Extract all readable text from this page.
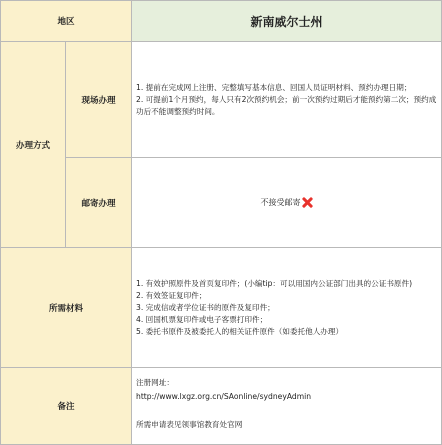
地区	新南威尔士州
办理方式
现场办理

1. 提前在完成网上注册、完整填写基本信息、回国人员证明材料、预约办理日期；

2. 可提前1个月预约，每人只有2次预约机会；前一次预约过期后才能预约第二次；预约成功后不能调整预约时间。

邮寄办理	不接受邮寄
所需材料

1. 有效护照原件及首页复印件；(小编tip：可以用国内公证部门出具的公证书原件)

2. 有效签证复印件；

3. 完成信或者学位证书的原件及复印件；

4. 回国机票复印件或电子客票打印件；

5. 委托书原件及被委托人的相关证件原件（如委托他人办理）

备注
注册网址：
http://www.lxgz.org.cn/SAonline/sydneyAdmin
所需申请表见领事馆教育处官网
